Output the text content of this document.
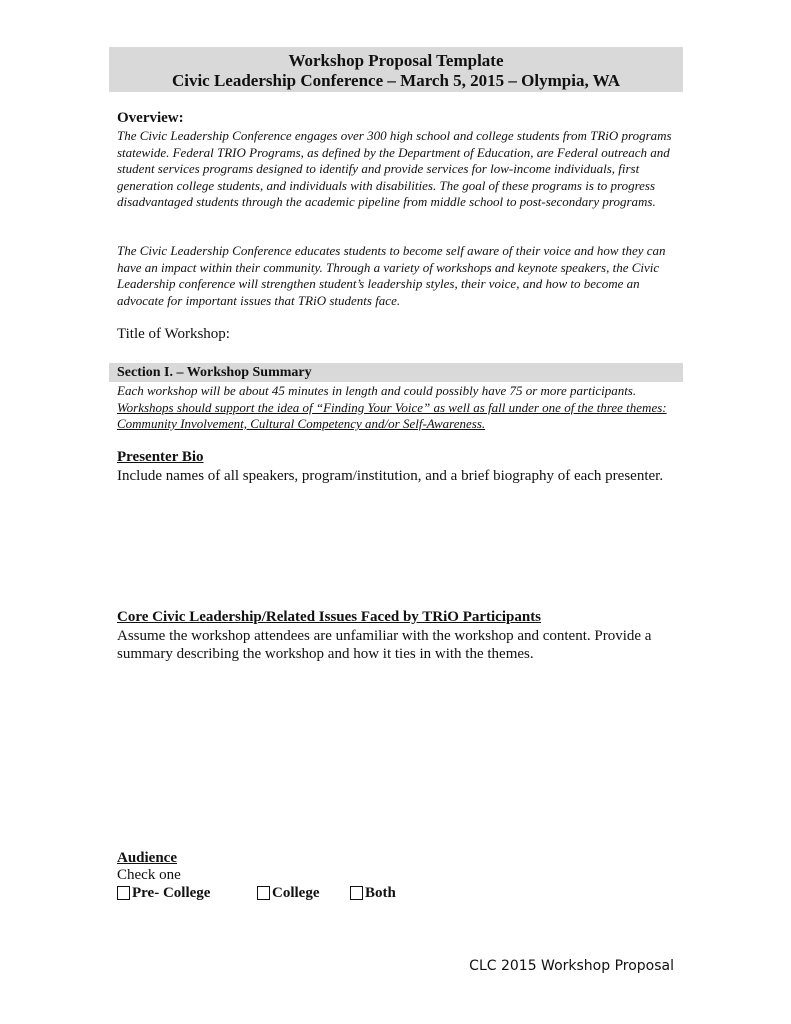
Workshop Proposal Template
Civic Leadership Conference – March 5, 2015 – Olympia, WA
Overview:
The Civic Leadership Conference engages over 300 high school and college students from TRiO programs statewide. Federal TRIO Programs, as defined by the Department of Education, are Federal outreach and student services programs designed to identify and provide services for low-income individuals, first generation college students, and individuals with disabilities. The goal of these programs is to progress disadvantaged students through the academic pipeline from middle school to post-secondary programs.
The Civic Leadership Conference educates students to become self aware of their voice and how they can have an impact within their community. Through a variety of workshops and keynote speakers, the Civic Leadership conference will strengthen student’s leadership styles, their voice, and how to become an advocate for important issues that TRiO students face.
Title of Workshop:
Section I. – Workshop Summary
Each workshop will be about 45 minutes in length and could possibly have 75 or more participants. Workshops should support the idea of “Finding Your Voice” as well as fall under one of the three themes: Community Involvement, Cultural Competency and/or Self-Awareness.
Presenter Bio
Include names of all speakers, program/institution, and a brief biography of each presenter.
Core Civic Leadership/Related Issues Faced by TRiO Participants
Assume the workshop attendees are unfamiliar with the workshop and content. Provide a summary describing the workshop and how it ties in with the themes.
Audience
Check one
Pre- College	College	Both
CLC 2015 Workshop Proposal
